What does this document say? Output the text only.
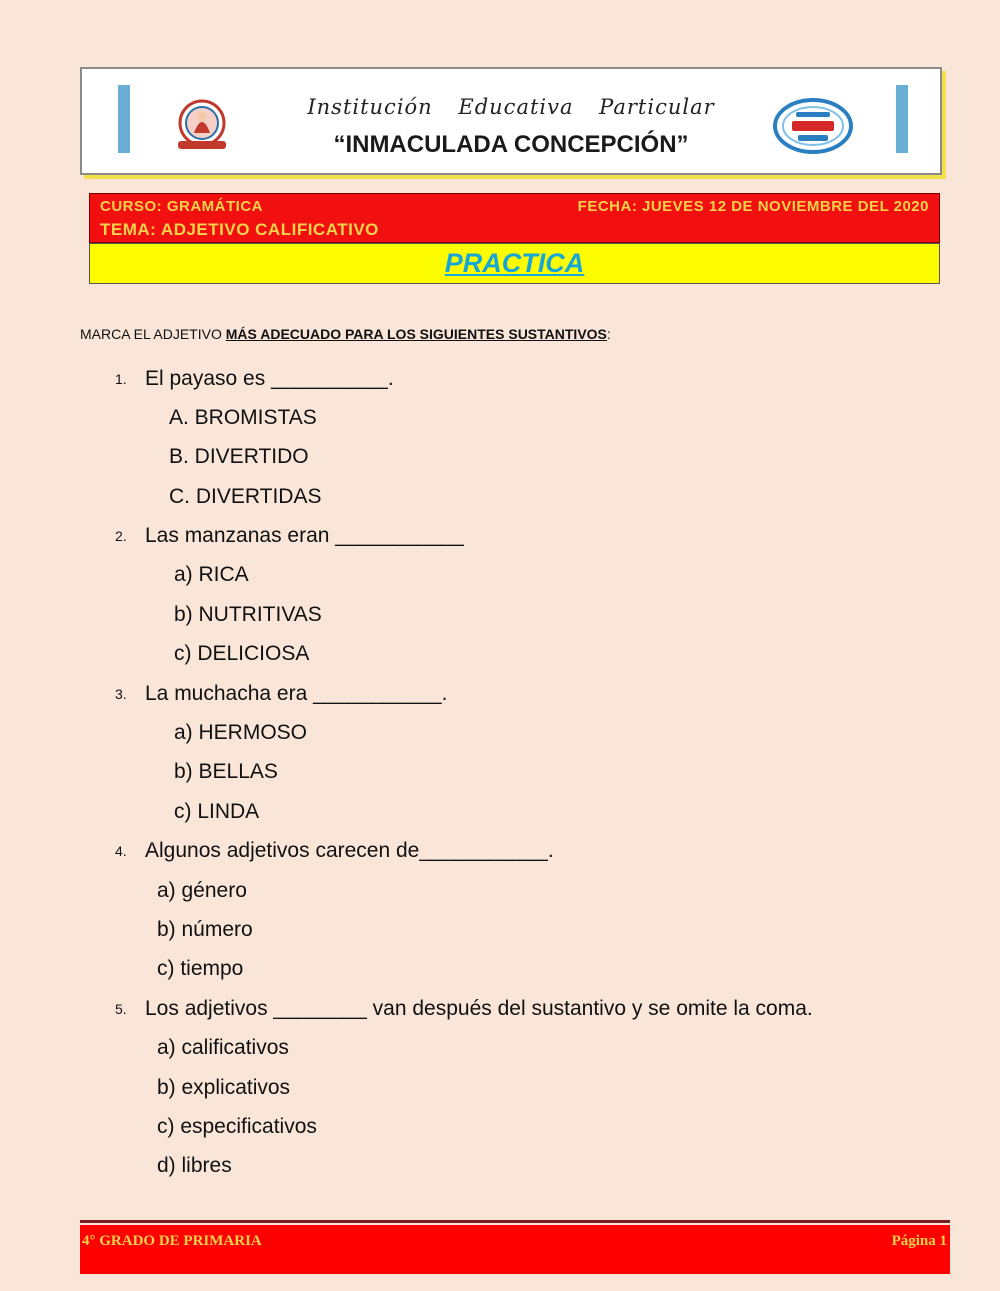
Institución Educativa Particular
“INMACULADA CONCEPCIÓN”
CURSO: GRAMÁTICA	FECHA: JUEVES 12 DE NOVIEMBRE DEL 2020
TEMA: ADJETIVO CALIFICATIVO
PRACTICA
MARCA EL ADJETIVO MÁS ADECUADO PARA LOS SIGUIENTES SUSTANTIVOS:
1. El payaso es __________.
A. BROMISTAS
B. DIVERTIDO
C. DIVERTIDAS
2. Las manzanas eran ___________
a) RICA
b) NUTRITIVAS
c) DELICIOSA
3. La muchacha era ___________.
a) HERMOSO
b) BELLAS
c) LINDA
4. Algunos adjetivos carecen de___________.
a) género
b) número
c) tiempo
5. Los adjetivos ________ van después del sustantivo y se omite la coma.
a) calificativos
b) explicativos
c) especificativos
d) libres
4° GRADO DE PRIMARIA	Página 1
